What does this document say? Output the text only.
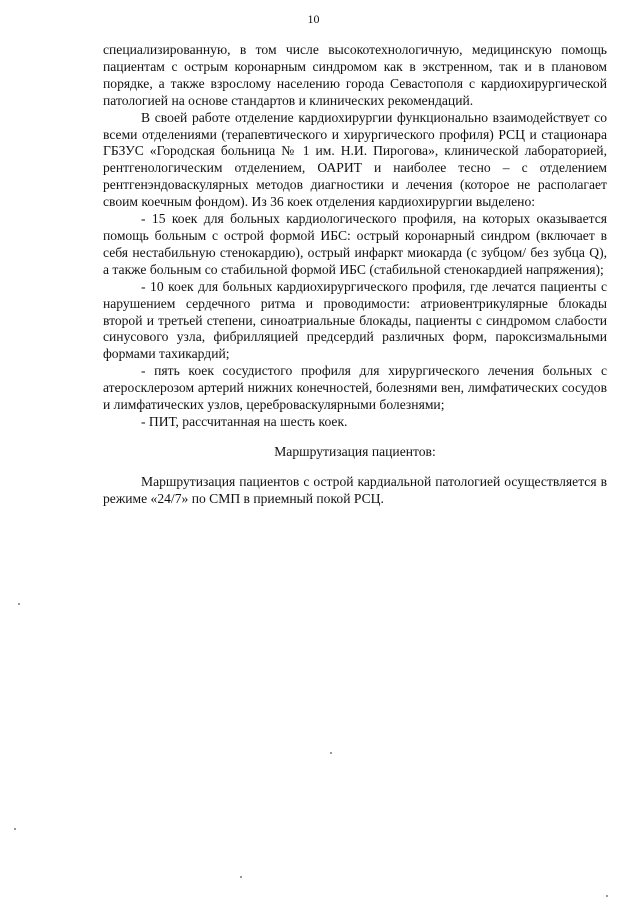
10

специализированную, в том числе высокотехнологичную, медицинскую помощь пациентам с острым коронарным синдромом как в экстренном, так и в плановом порядке, а также взрослому населению города Севастополя с кардиохирургической патологией на основе стандартов и клинических рекомендаций.

В своей работе отделение кардиохирургии функционально взаимодействует со всеми отделениями (терапевтического и хирургического профиля) РСЦ и стационара ГБЗУС «Городская больница № 1 им. Н.И. Пирогова», клинической лабораторией, рентгенологическим отделением, ОАРИТ и наиболее тесно – с отделением рентгенэндоваскулярных методов диагностики и лечения (которое не располагает своим коечным фондом). Из 36 коек отделения кардиохирургии выделено:

- 15 коек для больных кардиологического профиля, на которых оказывается помощь больным с острой формой ИБС: острый коронарный синдром (включает в себя нестабильную стенокардию), острый инфаркт миокарда (с зубцом/ без зубца Q), а также больным со стабильной формой ИБС (стабильной стенокардией напряжения);

- 10 коек для больных кардиохирургического профиля, где лечатся пациенты с нарушением сердечного ритма и проводимости: атриовентрикулярные блокады второй и третьей степени, синоатриальные блокады, пациенты с синдромом слабости синусового узла, фибрилляцией предсердий различных форм, пароксизмальными формами тахикардий;

- пять коек сосудистого профиля для хирургического лечения больных с атеросклерозом артерий нижних конечностей, болезнями вен, лимфатических сосудов и лимфатических узлов, цереброваскулярными болезнями;

- ПИТ, рассчитанная на шесть коек.

Маршрутизация пациентов:

Маршрутизация пациентов с острой кардиальной патологией осуществляется в режиме «24/7» по СМП в приемный покой РСЦ.
